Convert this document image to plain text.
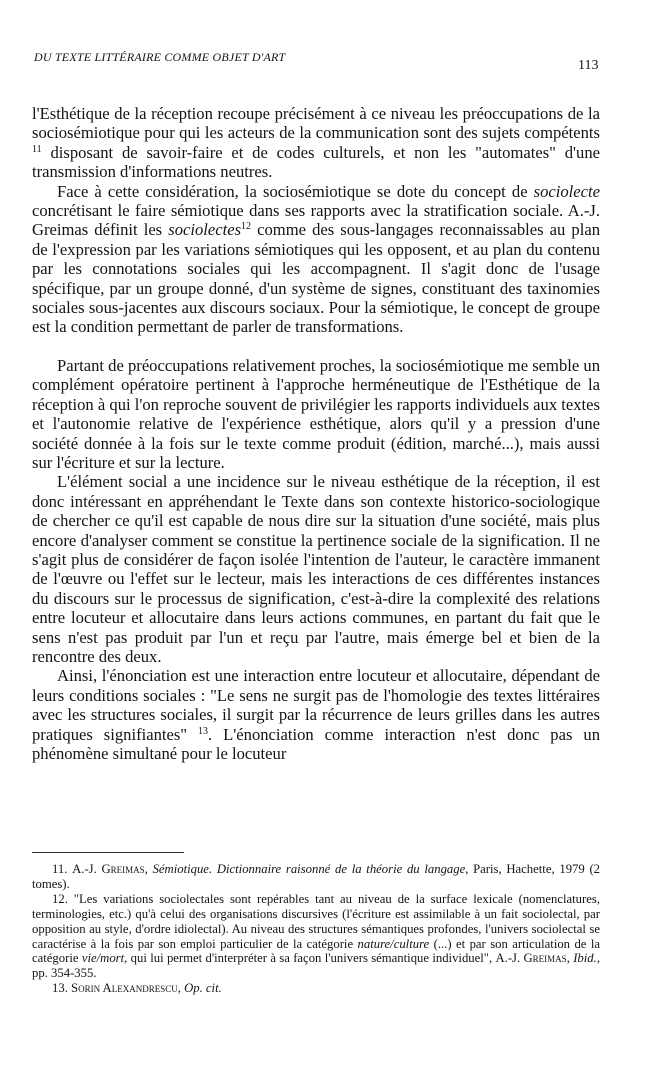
DU TEXTE LITTÉRAIRE COMME OBJET D'ART
113

l'Esthétique de la réception recoupe précisément à ce niveau les préoccupations de la sociosémiotique pour qui les acteurs de la communication sont des sujets compétents $^{11}$ disposant de savoir-faire et de codes culturels, et non les "automates" d'une transmission d'informations neutres.

Face à cette considération, la sociosémiotique se dote du concept de sociolecte concrétisant le faire sémiotique dans ses rapports avec la stratification sociale. A.-J. Greimas définit les sociolectes$^{12}$ comme des sous-langages reconnaissables au plan de l'expression par les variations sémiotiques qui les opposent, et au plan du contenu par les connotations sociales qui les accompagnent. Il s'agit donc de l'usage spécifique, par un groupe donné, d'un système de signes, constituant des taxinomies sociales sous-jacentes aux discours sociaux. Pour la sémiotique, le concept de groupe est la condition permettant de parler de transformations.

Partant de préoccupations relativement proches, la sociosémiotique me semble un complément opératoire pertinent à l'approche herméneutique de l'Esthétique de la réception à qui l'on reproche souvent de privilégier les rapports individuels aux textes et l'autonomie relative de l'expérience esthétique, alors qu'il y a pression d'une société donnée à la fois sur le texte comme produit (édition, marché...), mais aussi sur l'écriture et sur la lecture.

L'élément social a une incidence sur le niveau esthétique de la réception, il est donc intéressant en appréhendant le Texte dans son contexte historico-sociologique de chercher ce qu'il est capable de nous dire sur la situation d'une société, mais plus encore d'analyser comment se constitue la pertinence sociale de la signification. Il ne s'agit plus de considérer de façon isolée l'intention de l'auteur, le caractère immanent de l'œuvre ou l'effet sur le lecteur, mais les interactions de ces différentes instances du discours sur le processus de signification, c'est-à-dire la complexité des relations entre locuteur et allocutaire dans leurs actions communes, en partant du fait que le sens n'est pas produit par l'un et reçu par l'autre, mais émerge bel et bien de la rencontre des deux.

Ainsi, l'énonciation est une interaction entre locuteur et allocutaire, dépendant de leurs conditions sociales : "Le sens ne surgit pas de l'homologie des textes littéraires avec les structures sociales, il surgit par la récurrence de leurs grilles dans les autres pratiques signifiantes" $^{13}$. L'énonciation comme interaction n'est donc pas un phénomène simultané pour le locuteur

11. A.-J. Greimas, Sémiotique. Dictionnaire raisonné de la théorie du langage, Paris, Hachette, 1979 (2 tomes).

12. "Les variations sociolectales sont repérables tant au niveau de la surface lexicale (nomenclatures, terminologies, etc.) qu'à celui des organisations discursives (l'écriture est assimilable à un fait sociolectal, par opposition au style, d'ordre idiolectal). Au niveau des structures sémantiques profondes, l'univers sociolectal se caractérise à la fois par son emploi particulier de la catégorie nature/culture (...) et par son articulation de la catégorie vie/mort, qui lui permet d'interpréter à sa façon l'univers sémantique individuel", A.-J. Greimas, Ibid., pp. 354-355.

13. Sorin Alexandrescu, Op. cit.
